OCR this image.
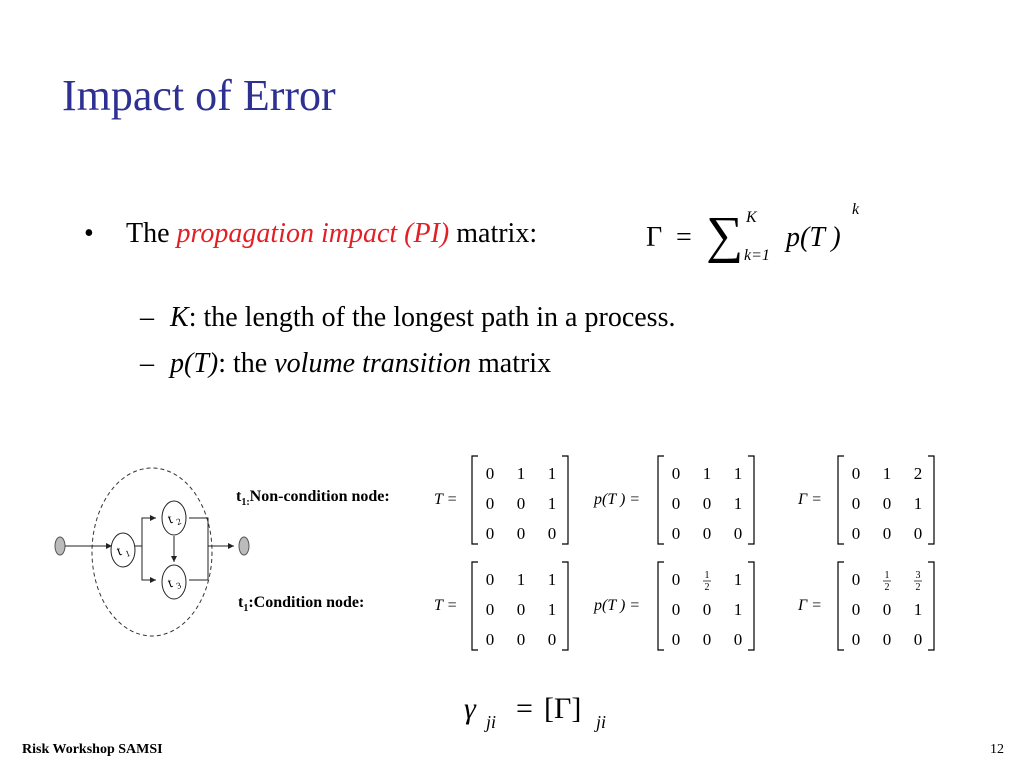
Impact of Error
• The propagation impact (PI) matrix:	Γ = ∑ K
k=1
p(T )
k
– K: the length of the longest path in a process.
– p(T): the volume transition matrix
t 1
t 2
t 3
$t_{1:}Non$-condition node:
$t_1:Condition$ node:
T =
0 1 1
0 0 1
0 0 0
p(T ) =
0 1 1
0 0 1
0 0 0
Γ =
0 1 2
0 0 1
0 0 0
T =
0 1 1
0 0 1
0 0 0
p(T ) =
0 1
2 1
0 0 1
0 0 0
Γ =
0 1
2
3
2
0 0 1
0 0 0
γ ji = [Γ] ji
Risk Workshop SAMSI	12
